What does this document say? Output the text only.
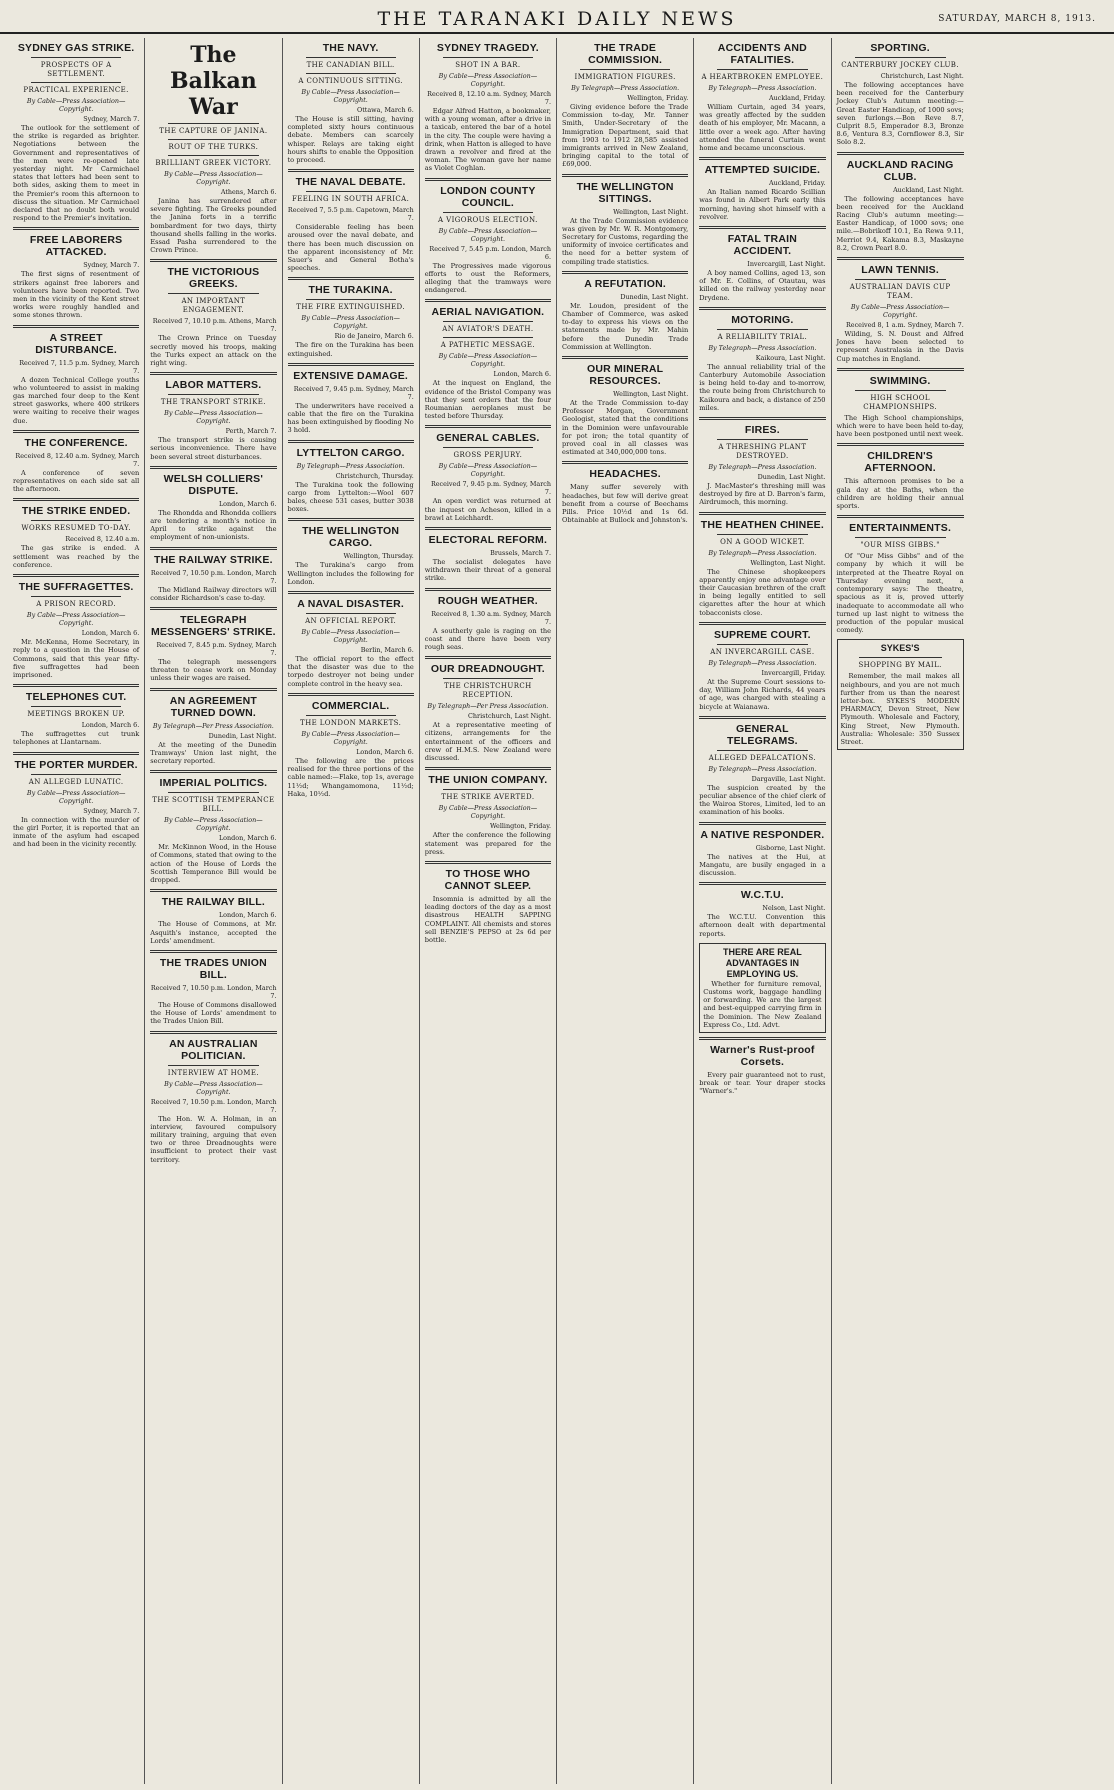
THE TARANAKI DAILY NEWS	SATURDAY, MARCH 8, 1913.
SYDNEY GAS STRIKE.
PROSPECTS OF A SETTLEMENT.
PRACTICAL EXPERIENCE.
By Cable—Press Association—Copyright.
Sydney, March 7.
The outlook for the settlement of the strike is regarded as brighter. Negotiations between the Government and representatives of the men were re-opened late yesterday night. Mr Carmichael states that letters had been sent to both sides, asking them to meet in the Premier's room this afternoon to discuss the situation. Mr Carmichael declared that no doubt both would respond to the Premier's invitation.
FREE LABORERS ATTACKED.
Sydney, March 7.
The first signs of resentment of strikers against free laborers and volunteers have been reported. Two men in the vicinity of the Kent street works were roughly handled and some stones thrown.
A STREET DISTURBANCE.
Received 7, 11.5 p.m. Sydney, March 7.
A dozen Technical College youths who volunteered to assist in making gas marched four deep to the Kent street gasworks, where 400 strikers were waiting to receive their wages due.
THE CONFERENCE.
Received 8, 12.40 a.m. Sydney, March 7.
A conference of seven representatives on each side sat all the afternoon.
THE STRIKE ENDED.
WORKS RESUMED TO-DAY.
Received 8, 12.40 a.m.
The gas strike is ended. A settlement was reached by the conference.
THE SUFFRAGETTES.
A PRISON RECORD.
By Cable—Press Association—Copyright.
London, March 6.
Mr. McKenna, Home Secretary, in reply to a question in the House of Commons, said that this year fifty-five suffragettes had been imprisoned.
TELEPHONES CUT.
MEETINGS BROKEN UP.
London, March 6.
The suffragettes cut trunk telephones at Llantarnam.
THE PORTER MURDER.
AN ALLEGED LUNATIC.
By Cable—Press Association—Copyright.
Sydney, March 7.
In connection with the murder of the girl Porter, it is reported that an inmate of the asylum had escaped and had been in the vicinity recently.
The Balkan War
THE CAPTURE OF JANINA.
ROUT OF THE TURKS.
BRILLIANT GREEK VICTORY.
By Cable—Press Association—Copyright.
Athens, March 6.
Janina has surrendered after severe fighting. The Greeks pounded the Janina forts in a terrific bombardment for two days, thirty thousand shells falling in the works. Essad Pasha surrendered to the Crown Prince.
THE VICTORIOUS GREEKS.
AN IMPORTANT ENGAGEMENT.
Received 7, 10.10 p.m. Athens, March 7.
The Crown Prince on Tuesday secretly moved his troops, making the Turks expect an attack on the right wing.
LABOR MATTERS.
THE TRANSPORT STRIKE.
By Cable—Press Association—Copyright.
Perth, March 7.
The transport strike is causing serious inconvenience. There have been several street disturbances.
WELSH COLLIERS' DISPUTE.
London, March 6.
The Rhondda and Rhondda colliers are tendering a month's notice in April to strike against the employment of non-unionists.
THE RAILWAY STRIKE.
Received 7, 10.50 p.m. London, March 7.
The Midland Railway directors will consider Richardson's case to-day.
TELEGRAPH MESSENGERS' STRIKE.
Received 7, 8.45 p.m. Sydney, March 7.
The telegraph messengers threaten to cease work on Monday unless their wages are raised.
AN AGREEMENT TURNED DOWN.
By Telegraph—Per Press Association.
Dunedin, Last Night.
At the meeting of the Dunedin Tramways' Union last night, the secretary reported.
IMPERIAL POLITICS.
THE SCOTTISH TEMPERANCE BILL.
By Cable—Press Association—Copyright.
London, March 6.
Mr. McKinnon Wood, in the House of Commons, stated that owing to the action of the House of Lords the Scottish Temperance Bill would be dropped.
THE RAILWAY BILL.
London, March 6.
The House of Commons, at Mr. Asquith's instance, accepted the Lords' amendment.
THE TRADES UNION BILL.
Received 7, 10.50 p.m. London, March 7.
The House of Commons disallowed the House of Lords' amendment to the Trades Union Bill.
AN AUSTRALIAN POLITICIAN.
INTERVIEW AT HOME.
By Cable—Press Association—Copyright.
Received 7, 10.50 p.m. London, March 7.
The Hon. W. A. Holman, in an interview, favoured compulsory military training, arguing that even two or three Dreadnoughts were insufficient to protect their vast territory.
THE NAVY.
THE CANADIAN BILL.
A CONTINUOUS SITTING.
By Cable—Press Association—Copyright.
Ottawa, March 6.
The House is still sitting, having completed sixty hours continuous debate. Members can scarcely whisper. Relays are taking eight hours shifts to enable the Opposition to proceed.
THE NAVAL DEBATE.
FEELING IN SOUTH AFRICA.
Received 7, 5.5 p.m. Capetown, March 7.
Considerable feeling has been aroused over the naval debate, and there has been much discussion on the apparent inconsistency of Mr. Sauer's and General Botha's speeches.
THE TURAKINA.
THE FIRE EXTINGUISHED.
By Cable—Press Association—Copyright.
Rio de Janeiro, March 6.
The fire on the Turakina has been extinguished.
EXTENSIVE DAMAGE.
Received 7, 9.45 p.m. Sydney, March 7.
The underwriters have received a cable that the fire on the Turakina has been extinguished by flooding No 3 hold.
LYTTELTON CARGO.
By Telegraph—Press Association.
Christchurch, Thursday.
The Turakina took the following cargo from Lyttelton:—Wool 607 bales, cheese 531 cases, butter 3038 boxes.
THE WELLINGTON CARGO.
Wellington, Thursday.
The Turakina's cargo from Wellington includes the following for London.
A NAVAL DISASTER.
AN OFFICIAL REPORT.
By Cable—Press Association—Copyright.
Berlin, March 6.
The official report to the effect that the disaster was due to the torpedo destroyer not being under complete control in the heavy sea.
COMMERCIAL.
THE LONDON MARKETS.
By Cable—Press Association—Copyright.
London, March 6.
The following are the prices realised for the three portions of the cable named:—Flake, top 1s, average 11½d; Whangamomona, 11½d; Haka, 10½d.
SYDNEY TRAGEDY.
SHOT IN A BAR.
By Cable—Press Association—Copyright.
Received 8, 12.10 a.m. Sydney, March 7.
Edgar Alfred Hatton, a bookmaker, with a young woman, after a drive in a taxicab, entered the bar of a hotel in the city. The couple were having a drink, when Hatton is alleged to have drawn a revolver and fired at the woman. The woman gave her name as Violet Coghlan.
LONDON COUNTY COUNCIL.
A VIGOROUS ELECTION.
By Cable—Press Association—Copyright.
Received 7, 5.45 p.m. London, March 6.
The Progressives made vigorous efforts to oust the Reformers, alleging that the tramways were endangered.
AERIAL NAVIGATION.
AN AVIATOR'S DEATH.
A PATHETIC MESSAGE.
By Cable—Press Association—Copyright.
London, March 6.
At the inquest on England, the evidence of the Bristol Company was that they sent orders that the four Roumanian aeroplanes must be tested before Thursday.
GENERAL CABLES.
GROSS PERJURY.
By Cable—Press Association—Copyright.
Received 7, 9.45 p.m. Sydney, March 7.
An open verdict was returned at the inquest on Acheson, killed in a brawl at Leichhardt.
ELECTORAL REFORM.
Brussels, March 7.
The socialist delegates have withdrawn their threat of a general strike.
ROUGH WEATHER.
Received 8, 1.30 a.m. Sydney, March 7.
A southerly gale is raging on the coast and there have been very rough seas.
OUR DREADNOUGHT.
THE CHRISTCHURCH RECEPTION.
By Telegraph—Per Press Association.
Christchurch, Last Night.
At a representative meeting of citizens, arrangements for the entertainment of the officers and crew of H.M.S. New Zealand were discussed.
THE UNION COMPANY.
THE STRIKE AVERTED.
By Cable—Press Association—Copyright.
Wellington, Friday.
After the conference the following statement was prepared for the press.
TO THOSE WHO CANNOT SLEEP.
Insomnia is admitted by all the leading doctors of the day as a most disastrous HEALTH SAPPING COMPLAINT. All chemists and stores sell BENZIE'S PEPSO at 2s 6d per bottle.
THE TRADE COMMISSION.
IMMIGRATION FIGURES.
By Telegraph—Press Association.
Wellington, Friday.
Giving evidence before the Trade Commission to-day, Mr. Tanner Smith, Under-Secretary of the Immigration Department, said that from 1903 to 1912 28,585 assisted immigrants arrived in New Zealand, bringing capital to the total of £69,000.
THE WELLINGTON SITTINGS.
Wellington, Last Night.
At the Trade Commission evidence was given by Mr. W. R. Montgomery, Secretary for Customs, regarding the uniformity of invoice certificates and the need for a better system of compiling trade statistics.
A REFUTATION.
Dunedin, Last Night.
Mr. Loudon, president of the Chamber of Commerce, was asked to-day to express his views on the statements made by Mr. Mahin before the Dunedin Trade Commission at Wellington.
OUR MINERAL RESOURCES.
Wellington, Last Night.
At the Trade Commission to-day Professor Morgan, Government Geologist, stated that the conditions in the Dominion were unfavourable for pot iron; the total quantity of proved coal in all classes was estimated at 340,000,000 tons.
HEADACHES.
Many suffer severely with headaches, but few will derive great benefit from a course of Beechams Pills. Price 10½d and 1s 6d. Obtainable at Bullock and Johnston's.
ACCIDENTS AND FATALITIES.
A HEARTBROKEN EMPLOYEE.
By Telegraph—Press Association.
Auckland, Friday.
William Curtain, aged 34 years, was greatly affected by the sudden death of his employer, Mr. Macann, a little over a week ago. After having attended the funeral Curtain went home and became unconscious.
ATTEMPTED SUICIDE.
Auckland, Friday.
An Italian named Ricardo Scillian was found in Albert Park early this morning, having shot himself with a revolver.
FATAL TRAIN ACCIDENT.
Invercargill, Last Night.
A boy named Collins, aged 13, son of Mr. E. Collins, of Otautau, was killed on the railway yesterday near Drydene.
MOTORING.
A RELIABILITY TRIAL.
By Telegraph—Press Association.
Kaikoura, Last Night.
The annual reliability trial of the Canterbury Automobile Association is being held to-day and to-morrow, the route being from Christchurch to Kaikoura and back, a distance of 250 miles.
FIRES.
A THRESHING PLANT DESTROYED.
By Telegraph—Press Association.
Dunedin, Last Night.
J. MacMaster's threshing mill was destroyed by fire at D. Barron's farm, Airdrumoch, this morning.
THE HEATHEN CHINEE.
ON A GOOD WICKET.
By Telegraph—Press Association.
Wellington, Last Night.
The Chinese shopkeepers apparently enjoy one advantage over their Caucasian brethren of the craft in being legally entitled to sell cigarettes after the hour at which tobacconists close.
SUPREME COURT.
AN INVERCARGILL CASE.
By Telegraph—Press Association.
Invercargill, Friday.
At the Supreme Court sessions to-day, William John Richards, 44 years of age, was charged with stealing a bicycle at Waianawa.
GENERAL TELEGRAMS.
ALLEGED DEFALCATIONS.
By Telegraph—Press Association.
Dargaville, Last Night.
The suspicion created by the peculiar absence of the chief clerk of the Wairoa Stores, Limited, led to an examination of his books.
A NATIVE RESPONDER.
Gisborne, Last Night.
The natives at the Hui, at Mangatu, are busily engaged in a discussion.
W.C.T.U.
Nelson, Last Night.
The W.C.T.U. Convention this afternoon dealt with departmental reports.
THERE ARE REAL ADVANTAGES IN EMPLOYING US.
Whether for furniture removal, Customs work, baggage handling or forwarding. We are the largest and best-equipped carrying firm in the Dominion. The New Zealand Express Co., Ltd. Advt.
Warner's Rust-proof Corsets.
Every pair guaranteed not to rust, break or tear. Your draper stocks "Warner's."
SPORTING.
CANTERBURY JOCKEY CLUB.
Christchurch, Last Night.
The following acceptances have been received for the Canterbury Jockey Club's Autumn meeting:— Great Easter Handicap, of 1000 sovs; seven furlongs.—Bon Reve 8.7, Culprit 8.5, Emperador 8.3, Bronze 8.6, Ventura 8.3, Cornflower 8.3, Sir Solo 8.2.
AUCKLAND RACING CLUB.
Auckland, Last Night.
The following acceptances have been received for the Auckland Racing Club's autumn meeting:— Easter Handicap, of 1000 sovs; one mile.—Bobrikoff 10.1, Ea Rewa 9.11, Merriot 9.4, Kakama 8.3, Maskayne 8.2, Crown Pearl 8.0.
LAWN TENNIS.
AUSTRALIAN DAVIS CUP TEAM.
By Cable—Press Association—Copyright.
Received 8, 1 a.m. Sydney, March 7.
Wilding, S. N. Doust and Alfred Jones have been selected to represent Australasia in the Davis Cup matches in England.
SWIMMING.
HIGH SCHOOL CHAMPIONSHIPS.
The High School championships, which were to have been held to-day, have been postponed until next week.
CHILDREN'S AFTERNOON.
This afternoon promises to be a gala day at the Baths, when the children are holding their annual sports.
ENTERTAINMENTS.
"OUR MISS GIBBS."
Of "Our Miss Gibbs" and of the company by which it will be interpreted at the Theatre Royal on Thursday evening next, a contemporary says: The theatre, spacious as it is, proved utterly inadequate to accommodate all who turned up last night to witness the production of the popular musical comedy.
SYKES'S
SHOPPING BY MAIL.
Remember, the mail makes all neighbours, and you are not much further from us than the nearest letter-box. SYKES'S MODERN PHARMACY, Devon Street, New Plymouth. Wholesale and Factory, King Street, New Plymouth. Australia: Wholesale: 350 Sussex Street.
